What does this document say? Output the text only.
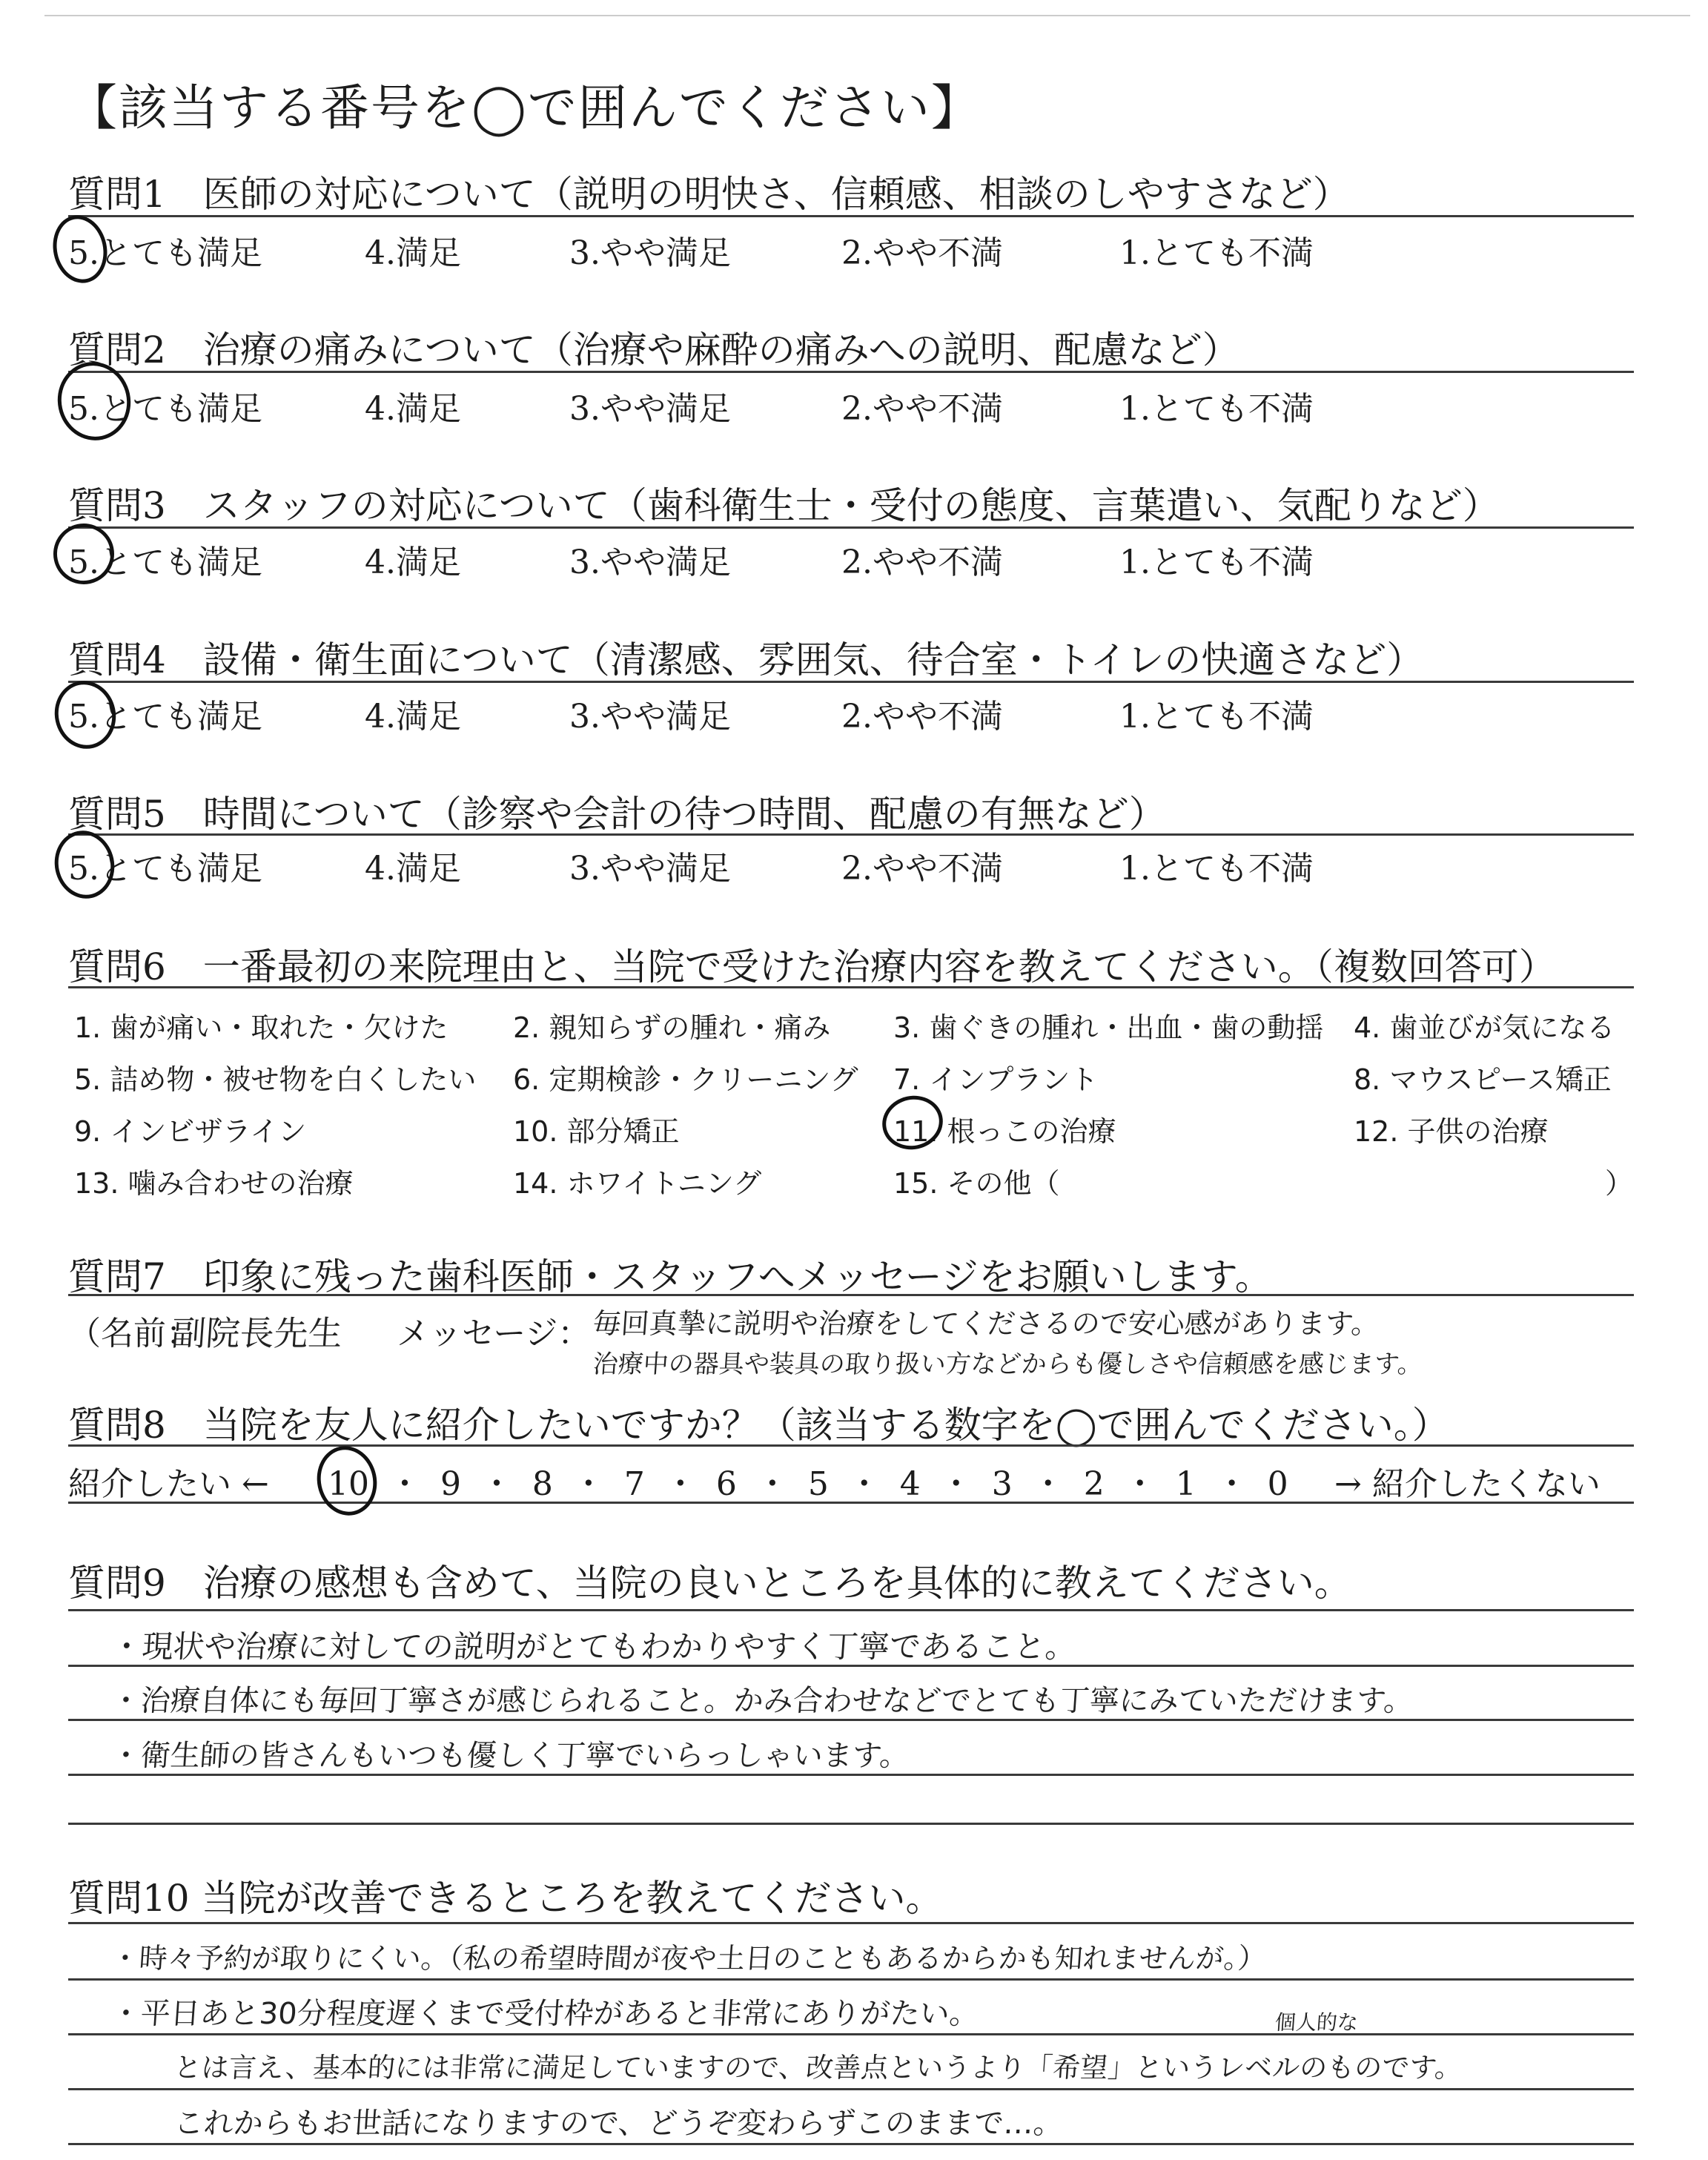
【該当する番号を◯で囲んでください】
質問1　医師の対応について（説明の明快さ、信頼感、相談のしやすさなど）
5.とても満足	4.満足	3.やや満足	2.やや不満	1.とても不満
質問2　治療の痛みについて（治療や麻酔の痛みへの説明、配慮など）
5.とても満足	4.満足	3.やや満足	2.やや不満	1.とても不満
質問3　スタッフの対応について（歯科衛生士・受付の態度、言葉遣い、気配りなど）
5.とても満足	4.満足	3.やや満足	2.やや不満	1.とても不満
質問4　設備・衛生面について（清潔感、雰囲気、待合室・トイレの快適さなど）
5.とても満足	4.満足	3.やや満足	2.やや不満	1.とても不満
質問5　時間について（診察や会計の待つ時間、配慮の有無など）
5.とても満足	4.満足	3.やや満足	2.やや不満	1.とても不満
質問6　一番最初の来院理由と、当院で受けた治療内容を教えてください。（複数回答可）
1. 歯が痛い・取れた・欠けた 2. 親知らずの腫れ・痛み 3. 歯ぐきの腫れ・出血・歯の動揺 4. 歯並びが気になる
5. 詰め物・被せ物を白くしたい 6. 定期検診・クリーニング 7. インプラント	8. マウスピース矯正
9. インビザライン	10. 部分矯正	11. 根っこの治療	12. 子供の治療
13. 噛み合わせの治療	14. ホワイトニング	15. その他（	）
質問7　印象に残った歯科医師・スタッフへメッセージをお願いします。
（名前：
副院長先生 メッセージ： 毎回真摯に説明や治療をしてくださるので安心感があります。
治療中の器具や装具の取り扱い方などからも優しさや信頼感を感じます。
質問8　当院を友人に紹介したいですか？（該当する数字を◯で囲んでください。）
紹介したい ← 10 ・ 9 ・ 8 ・ 7 ・ 6 ・ 5 ・ 4 ・ 3 ・ 2 ・ 1 ・ 0 → 紹介したくない
質問9　治療の感想も含めて、当院の良いところを具体的に教えてください。
・現状や治療に対しての説明がとてもわかりやすく丁寧であること。
・治療自体にも毎回丁寧さが感じられること。かみ合わせなどでとても丁寧にみていただけます。
・衛生師の皆さんもいつも優しく丁寧でいらっしゃいます。
質問10 当院が改善できるところを教えてください。
・時々予約が取りにくい。（私の希望時間が夜や土日のこともあるからかも知れませんが。）
・平日あと30分程度遅くまで受付枠があると非常にありがたい。	個人的な
とは言え、基本的には非常に満足していますので、改善点というより「希望」というレベルのものです。
これからもお世話になりますので、どうぞ変わらずこのままで…。
